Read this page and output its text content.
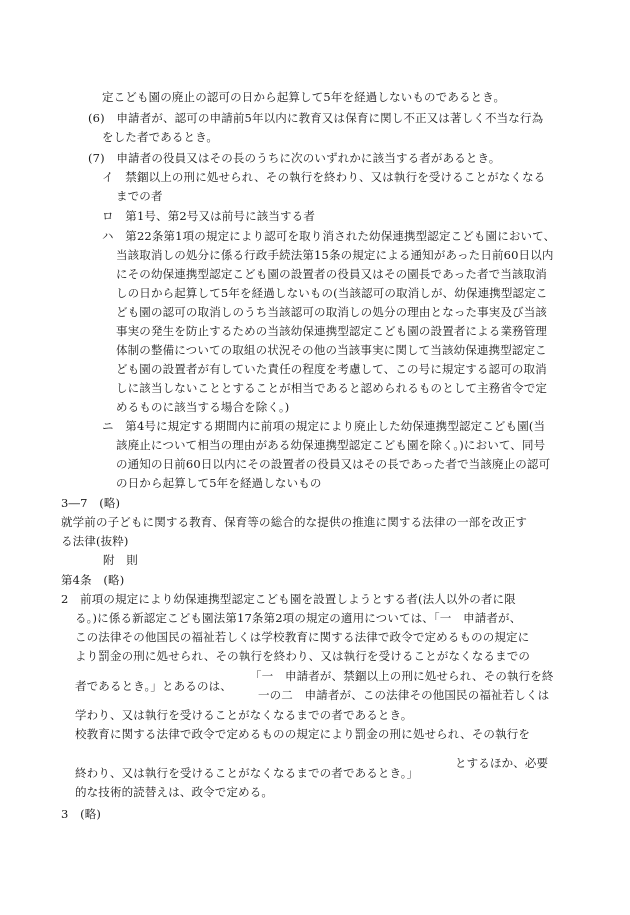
定こども園の廃止の認可の日から起算して5年を経過しないものであるとき。
(6)　申請者が、認可の申請前5年以内に教育又は保育に関し不正又は著しく不当な行為
をした者であるとき。
(7)　申請者の役員又はその長のうちに次のいずれかに該当する者があるとき。
イ　禁錮以上の刑に処せられ、その執行を終わり、又は執行を受けることがなくなる
までの者
ロ　第1号、第2号又は前号に該当する者
ハ　第22条第1項の規定により認可を取り消された幼保連携型認定こども園において、
当該取消しの処分に係る行政手続法第15条の規定による通知があった日前60日以内
にその幼保連携型認定こども園の設置者の役員又はその園長であった者で当該取消
しの日から起算して5年を経過しないもの(当該認可の取消しが、幼保連携型認定こ
ども園の認可の取消しのうち当該認可の取消しの処分の理由となった事実及び当該
事実の発生を防止するための当該幼保連携型認定こども園の設置者による業務管理
体制の整備についての取組の状況その他の当該事実に関して当該幼保連携型認定こ
ども園の設置者が有していた責任の程度を考慮して、この号に規定する認可の取消
しに該当しないこととすることが相当であると認められるものとして主務省令で定
めるものに該当する場合を除く。)
ニ　第4号に規定する期間内に前項の規定により廃止した幼保連携型認定こども園(当
該廃止について相当の理由がある幼保連携型認定こども園を除く。)において、同号
の通知の日前60日以内にその設置者の役員又はその長であった者で当該廃止の認可
の日から起算して5年を経過しないもの
3―7　(略)
就学前の子どもに関する教育、保育等の総合的な提供の推進に関する法律の一部を改正す
る法律(抜粋)
附　則
第4条　(略)
2　前項の規定により幼保連携型認定こども園を設置しようとする者(法人以外の者に限
る。)に係る新認定こども園法第17条第2項の規定の適用については、「一　申請者が、
この法律その他国民の福祉若しくは学校教育に関する法律で政令で定めるものの規定に
より罰金の刑に処せられ、その執行を終わり、又は執行を受けることがなくなるまでの
「一　申請者が、禁錮以上の刑に処せられ、その執行を終
者であるとき。」とあるのは、
一の二　申請者が、この法律その他国民の福祉若しくは
学わり、又は執行を受けることがなくなるまでの者であるとき。
校教育に関する法律で政令で定めるものの規定により罰金の刑に処せられ、その執行を
とするほか、必要
終わり、又は執行を受けることがなくなるまでの者であるとき。」
的な技術的読替えは、政令で定める。
3　(略)
